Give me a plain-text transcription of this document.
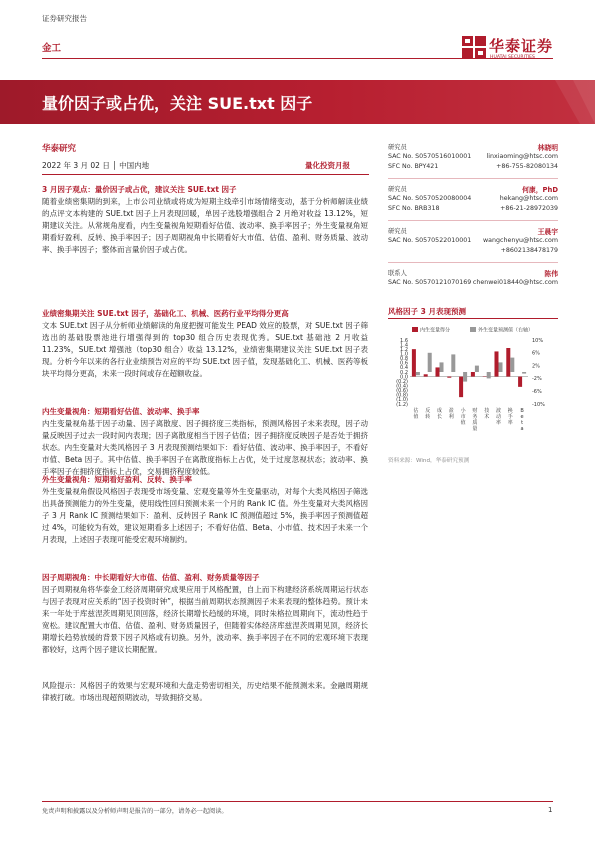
证券研究报告
金工	华泰证券
HUATAI SECURITIES
量价因子或占优，关注 SUE.txt 因子
华泰研究
2022 年 3 月 02 日 │ 中国内地	量化投资月报
3 月因子观点：量价因子或占优，建议关注 SUE.txt 因子
随着业绩密集期的到来，上市公司业绩或将成为短期主线牵引市场情绪变动，基于分析师解读业绩的点评文本构建的 SUE.txt 因子上月表现回暖，单因子选股增强组合 2 月绝对收益 13.12%，短期建议关注。从常规角度看，内生变量视角短期看好估值、波动率、换手率因子；外生变量视角短期看好盈利、反转、换手率因子；因子周期视角中长期看好大市值、估值、盈利、财务质量、波动率、换手率因子；整体而言量价因子或占优。
业绩密集期关注 SUE.txt 因子，基础化工、机械、医药行业平均得分更高
文本 SUE.txt 因子从分析师业绩解读的角度把握可能发生 PEAD 效应的股票，对 SUE.txt 因子筛选出的基础股票池进行增强得到的 top30 组合历史表现优秀。SUE.txt 基础池 2 月收益 11.23%，SUE.txt 增强池（top30 组合）收益 13.12%，业绩密集期建议关注 SUE.txt 因子表现。分析今年以来的各行业业绩预告对应的平均 SUE.txt 因子值，发现基础化工、机械、医药等板块平均得分更高，未来一段时间或存在超额收益。
内生变量视角：短期看好估值、波动率、换手率
内生变量视角基于因子动量、因子离散度、因子拥挤度三类指标，预测风格因子未来表现，因子动量反映因子过去一段时间内表现；因子离散度相当于因子估值；因子拥挤度反映因子是否处于拥挤状态。内生变量对大类风格因子 3 月表现预测结果如下：看好估值、波动率、换手率因子，不看好市值、Beta 因子。其中估值、换手率因子在离散度指标上占优，处于过度忽视状态；波动率、换手率因子在拥挤度指标上占优，交易拥挤程度较低。
外生变量视角：短期看好盈利、反转、换手率
外生变量视角假设风格因子表现受市场变量、宏观变量等外生变量驱动，对每个大类风格因子筛选出具备预测能力的外生变量，使用线性回归预测未来一个月的 Rank IC 值。外生变量对大类风格因子 3 月 Rank IC 预测结果如下：盈利、反转因子 Rank IC 预测值超过 5%，换手率因子预测值超过 4%，可能较为有效，建议短期看多上述因子；不看好估值、Beta、小市值、技术因子未来一个月表现，上述因子表现可能受宏观环境制约。
因子周期视角：中长期看好大市值、估值、盈利、财务质量等因子
因子周期视角将华泰金工经济周期研究成果应用于风格配置，自上而下构建经济系统周期运行状态与因子表现对应关系的“因子投资时钟”，根据当前周期状态预测因子未来表现的整体趋势。预计未来一年处于库兹涅茨周期见顶回落，经济长期增长趋缓的环境，同时朱格拉周期向下，流动性趋于宽松。建议配置大市值、估值、盈利、财务质量因子，但随着实体经济库兹涅茨周期见顶，经济长期增长趋势放缓的背景下因子风格或有切换。另外，波动率、换手率因子在不同的宏观环境下表现都较好，这两个因子建议长期配置。
风险提示：风格因子的效果与宏观环境和大盘走势密切相关，历史结果不能预测未来。金融周期规律被打破。市场出现超预期波动，导致拥挤交易。
研究员	林晓明
SAC No. S0570516010001
SFC No. BPY421
linxiaoming@htsc.com
+86-755-82080134
研究员	何康，PhD
SAC No. S0570520080004
SFC No. BRB318
hekang@htsc.com
+86-21-28972039
研究员	王晨宇
SAC No. S0570522010001 wangchenyu@htsc.com
+8602138478179
联系人	陈伟
SAC No. S0570121070169 chenwei018440@htsc.com
风格因子 3 月表现预测
内生变量得分	外生变量预测值（右轴）
1.6
1.4
1.2
1.0
0.8
0.6
0.4
0.2
0.0
(0.2)
(0.4)
(0.6)
(0.8)
(1.0)
(1.2)
10%
6%
2%
-2%
-6%
-10%
估
值
反
转
成
长
盈
利
小
市
值
财
务
质
量
技
术
波
动
率
换
手
率
B
e
t
a
资料来源：Wind，华泰研究预测
免责声明和披露以及分析师声明是报告的一部分，请务必一起阅读。	1
